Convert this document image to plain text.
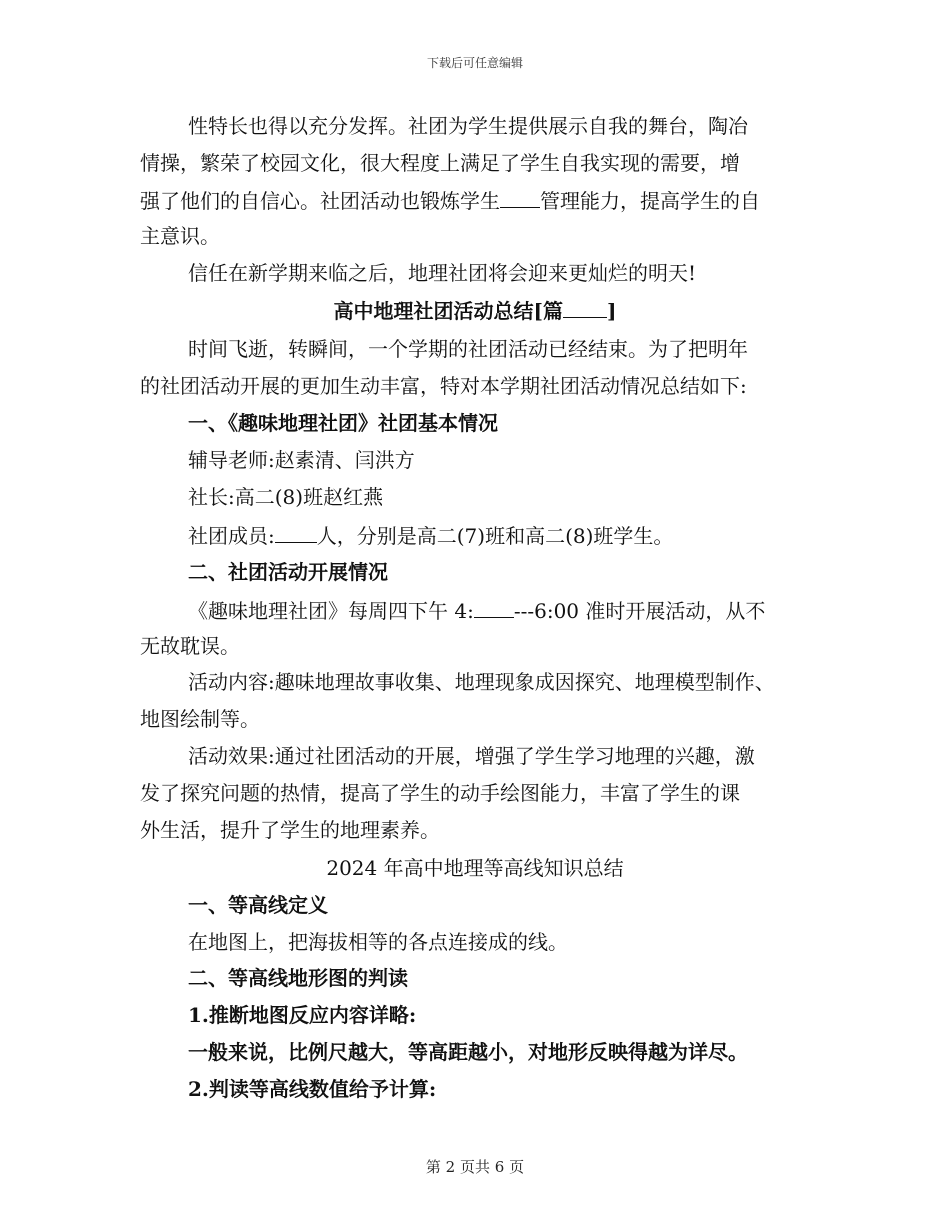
下载后可任意编辑
性特长也得以充分发挥。社团为学生提供展示自我的舞台，陶冶
情操，繁荣了校园文化，很大程度上满足了学生自我实现的需要，增
强了他们的自信心。社团活动也锻炼学生 管理能力，提高学生的自
主意识。
信任在新学期来临之后，地理社团将会迎来更灿烂的明天!
高中地理社团活动总结[篇 ]
时间飞逝，转瞬间，一个学期的社团活动已经结束。为了把明年
的社团活动开展的更加生动丰富，特对本学期社团活动情况总结如下:
一、《趣味地理社团》社团基本情况
辅导老师:赵素清、闫洪方
社长:高二(8)班赵红燕
社团成员: 人，分别是高二(7)班和高二(8)班学生。
二、社团活动开展情况
《趣味地理社团》每周四下午 4: ---6:00 准时开展活动，从不
无故耽误。
活动内容:趣味地理故事收集、地理现象成因探究、地理模型制作、
地图绘制等。
活动效果:通过社团活动的开展，增强了学生学习地理的兴趣，激
发了探究问题的热情，提高了学生的动手绘图能力，丰富了学生的课
外生活，提升了学生的地理素养。
2024 年高中地理等高线知识总结
一、等高线定义
在地图上，把海拔相等的各点连接成的线。
二、等高线地形图的判读
1.推断地图反应内容详略:
一般来说，比例尺越大，等高距越小，对地形反映得越为详尽。
2.判读等高线数值给予计算:
第 2 页共 6 页
